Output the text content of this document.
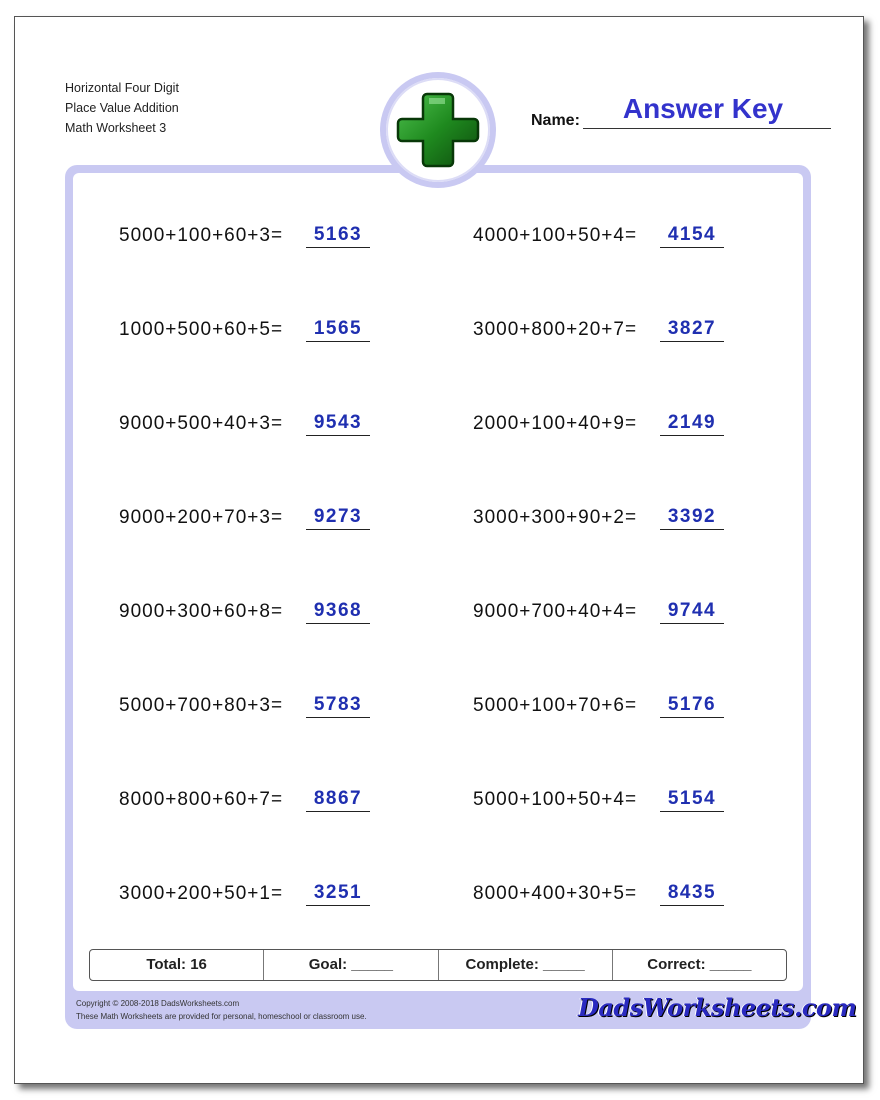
Horizontal Four Digit
Place Value Addition
Math Worksheet 3
Answer Key
Name:
5000+100+60+3=	5163	4000+100+50+4=	4154
1000+500+60+5=	1565	3000+800+20+7=	3827
9000+500+40+3=	9543	2000+100+40+9=	2149
9000+200+70+3=	9273	3000+300+90+2=	3392
9000+300+60+8=	9368	9000+700+40+4=	9744
5000+700+80+3=	5783	5000+100+70+6=	5176
8000+800+60+7=	8867	5000+100+50+4=	5154
3000+200+50+1=	3251	8000+400+30+5=	8435
Total: 16	Goal: _____	Complete: _____	Correct: _____
Copyright © 2008-2018 DadsWorksheets.com
These Math Worksheets are provided for personal, homeschool or classroom use.	DadsWorksheets.com
